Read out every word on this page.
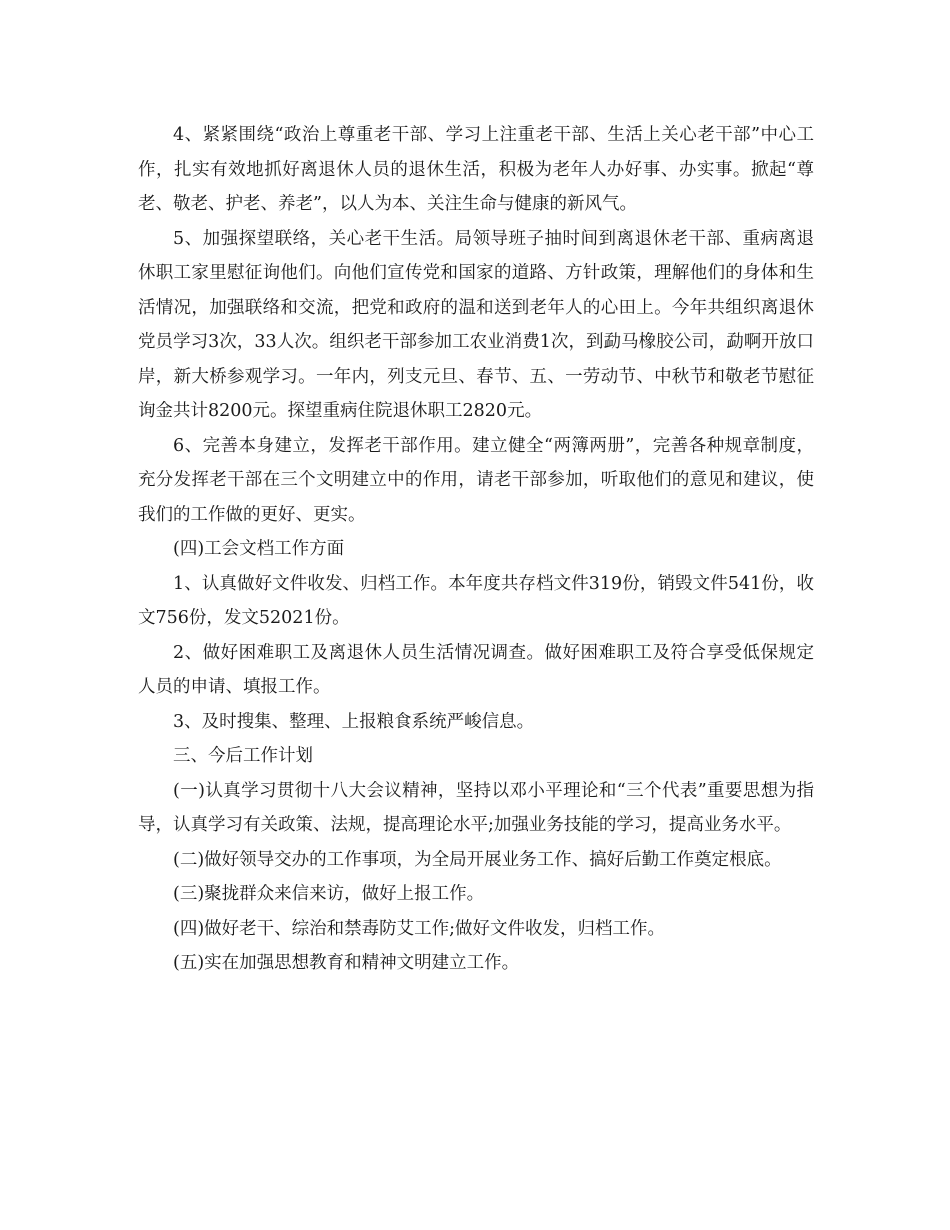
4、紧紧围绕“政治上尊重老干部、学习上注重老干部、生活上关心老干部”中心工作，扎实有效地抓好离退休人员的退休生活，积极为老年人办好事、办实事。掀起“尊老、敬老、护老、养老”，以人为本、关注生命与健康的新风气。

5、加强探望联络，关心老干生活。局领导班子抽时间到离退休老干部、重病离退休职工家里慰征询他们。向他们宣传党和国家的道路、方针政策，理解他们的身体和生活情况，加强联络和交流，把党和政府的温和送到老年人的心田上。今年共组织离退休党员学习3次，33人次。组织老干部参加工农业消费1次，到勐马橡胶公司，勐啊开放口岸，新大桥参观学习。一年内，列支元旦、春节、五、一劳动节、中秋节和敬老节慰征询金共计8200元。探望重病住院退休职工2820元。

6、完善本身建立，发挥老干部作用。建立健全“两簿两册”，完善各种规章制度，充分发挥老干部在三个文明建立中的作用，请老干部参加，听取他们的意见和建议，使我们的工作做的更好、更实。

(四)工会文档工作方面

1、认真做好文件收发、归档工作。本年度共存档文件319份，销毁文件541份，收文756份，发文52021份。

2、做好困难职工及离退休人员生活情况调查。做好困难职工及符合享受低保规定人员的申请、填报工作。

3、及时搜集、整理、上报粮食系统严峻信息。

三、今后工作计划

(一)认真学习贯彻十八大会议精神，坚持以邓小平理论和“三个代表”重要思想为指导，认真学习有关政策、法规，提高理论水平;加强业务技能的学习，提高业务水平。

(二)做好领导交办的工作事项，为全局开展业务工作、搞好后勤工作奠定根底。

(三)聚拢群众来信来访，做好上报工作。

(四)做好老干、综治和禁毒防艾工作;做好文件收发，归档工作。

(五)实在加强思想教育和精神文明建立工作。
